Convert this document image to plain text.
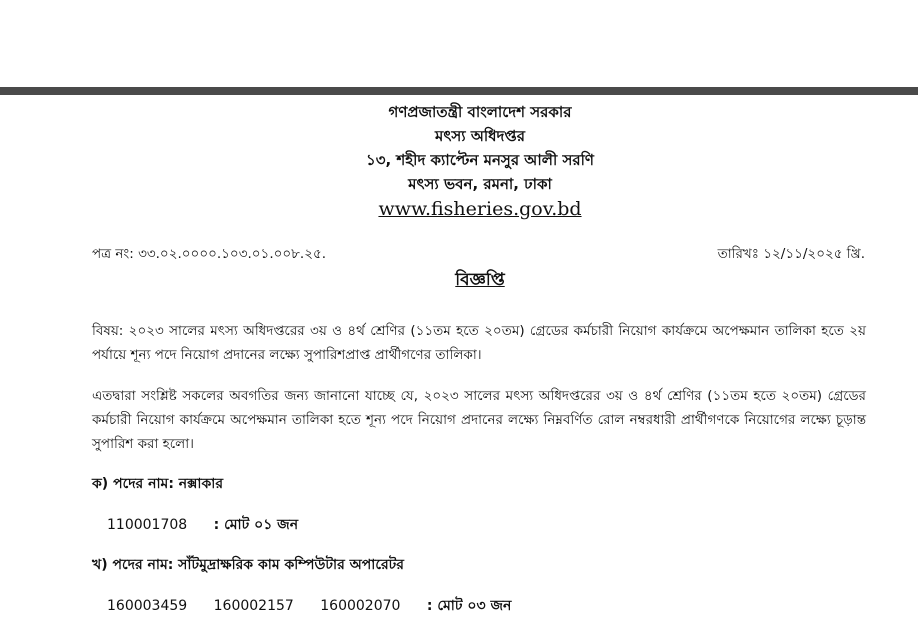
গণপ্রজাতন্ত্রী বাংলাদেশ সরকার
মৎস্য অধিদপ্তর
১৩, শহীদ ক্যাপ্টেন মনসুর আলী সরণি
মৎস্য ভবন, রমনা, ঢাকা
www.fisheries.gov.bd
পত্র নং: ৩৩.০২.০০০০.১০৩.০১.০০৮.২৫.	তারিখঃ ১২/১১/২০২৫ খ্রি.
বিজ্ঞপ্তি
বিষয়: ২০২৩ সালের মৎস্য অধিদপ্তরের ৩য় ও ৪র্থ শ্রেণির (১১তম হতে ২০তম) গ্রেডের কর্মচারী নিয়োগ কার্যক্রমে অপেক্ষমান তালিকা হতে ২য় পর্যায়ে শূন্য পদে নিয়োগ প্রদানের লক্ষ্যে সুপারিশপ্রাপ্ত প্রার্থীগণের তালিকা।
এতদ্বারা সংশ্লিষ্ট সকলের অবগতির জন্য জানানো যাচ্ছে যে, ২০২৩ সালের মৎস্য অধিদপ্তরের ৩য় ও ৪র্থ শ্রেণির (১১তম হতে ২০তম) গ্রেডের কর্মচারী নিয়োগ কার্যক্রমে অপেক্ষমান তালিকা হতে শূন্য পদে নিয়োগ প্রদানের লক্ষ্যে নিম্নবর্ণিত রোল নম্বরধারী প্রার্থীগণকে নিয়োগের লক্ষ্যে চূড়ান্ত সুপারিশ করা হলো।
ক) পদের নাম: নক্সাকার
110001708 : মোট ০১ জন
খ) পদের নাম: সাঁটমুদ্রাক্ষরিক কাম কম্পিউটার অপারেটর
160003459 160002157 160002070 : মোট ০৩ জন
